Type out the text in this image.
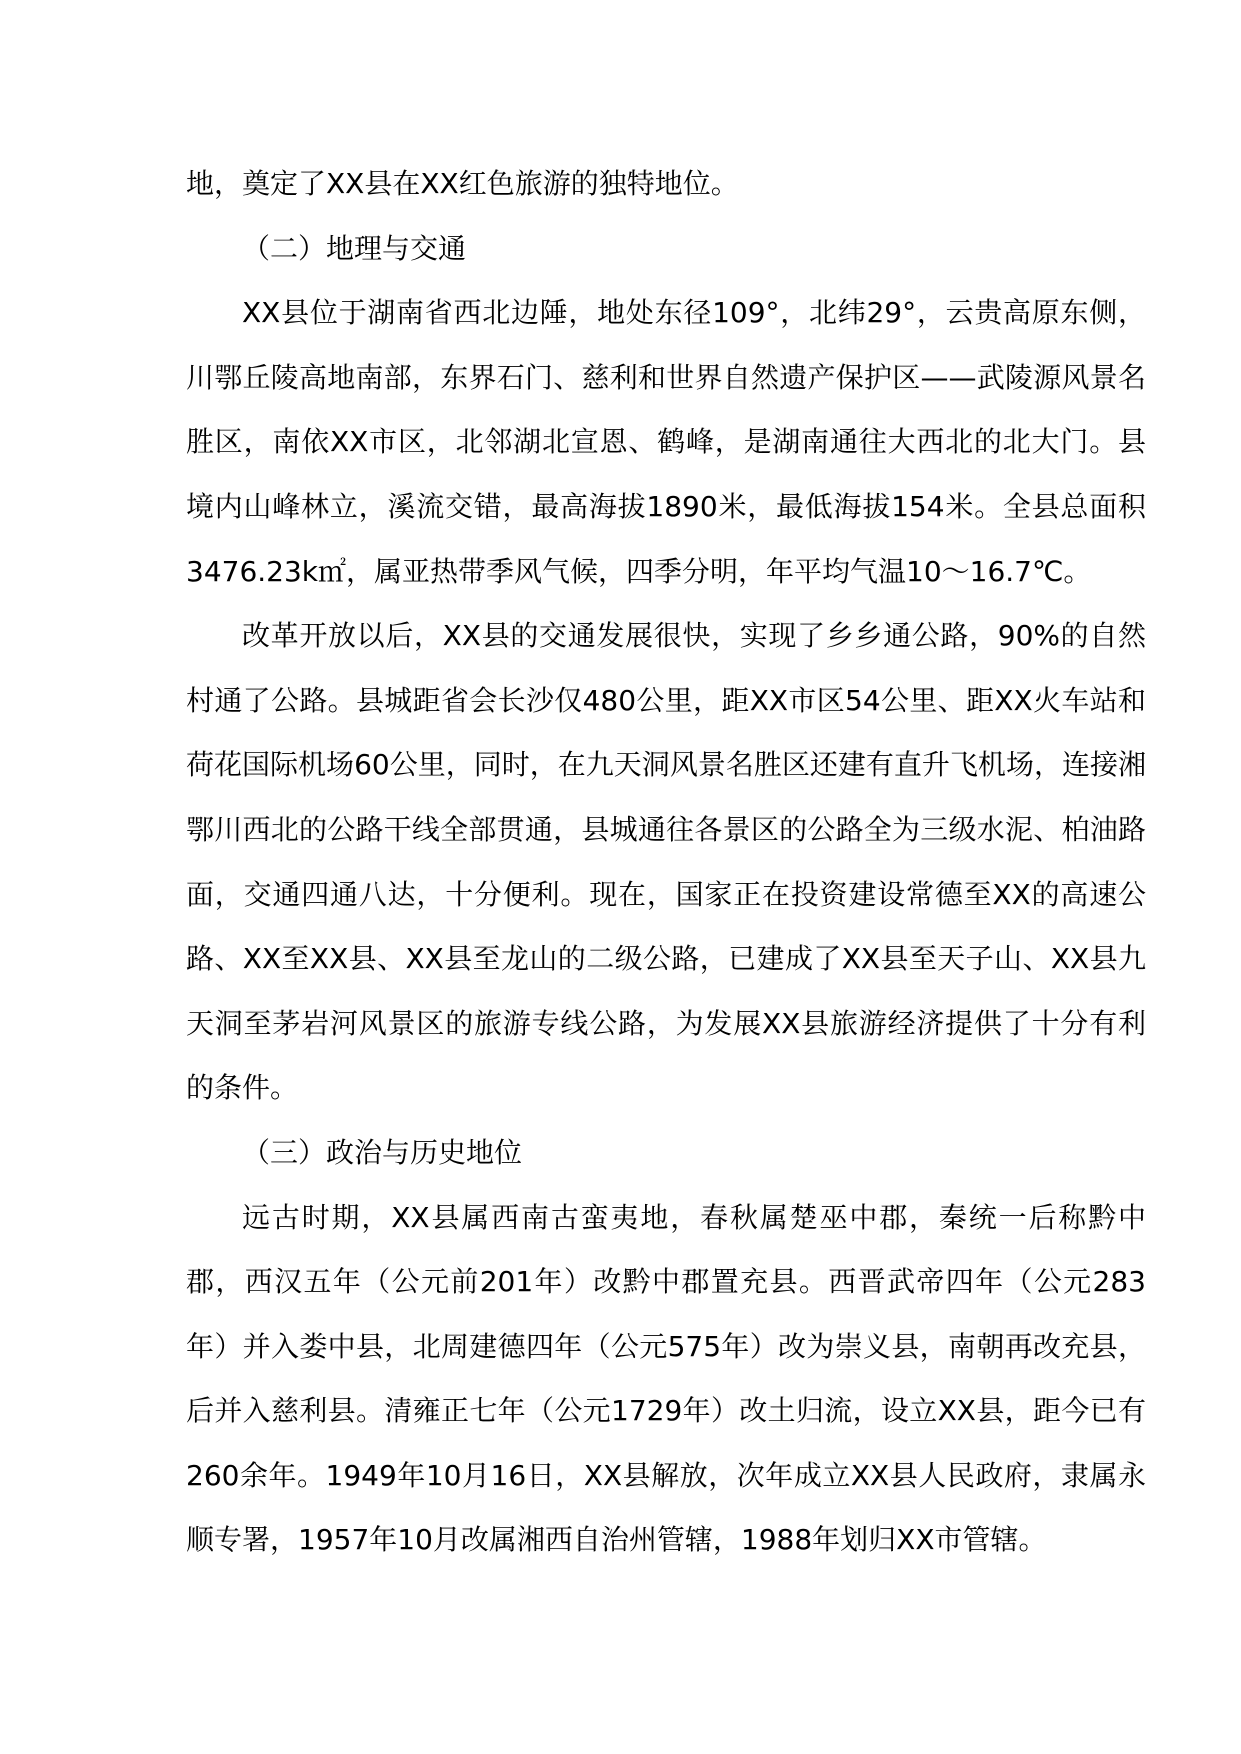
地，奠定了XX县在XX红色旅游的独特地位。

（二）地理与交通

XX县位于湖南省西北边陲，地处东径109°，北纬29°，云贵高原东侧，川鄂丘陵高地南部，东界石门、慈利和世界自然遗产保护区——武陵源风景名胜区，南依XX市区，北邻湖北宣恩、鹤峰，是湖南通往大西北的北大门。县境内山峰林立，溪流交错，最高海拔1890米，最低海拔154米。全县总面积3476.23k㎡，属亚热带季风气候，四季分明，年平均气温10～16.7℃。

改革开放以后，XX县的交通发展很快，实现了乡乡通公路，90%的自然村通了公路。县城距省会长沙仅480公里，距XX市区54公里、距XX火车站和荷花国际机场60公里，同时，在九天洞风景名胜区还建有直升飞机场，连接湘鄂川西北的公路干线全部贯通，县城通往各景区的公路全为三级水泥、柏油路面，交通四通八达，十分便利。现在，国家正在投资建设常德至XX的高速公路、XX至XX县、XX县至龙山的二级公路，已建成了XX县至天子山、XX县九天洞至茅岩河风景区的旅游专线公路，为发展XX县旅游经济提供了十分有利的条件。

（三）政治与历史地位

远古时期，XX县属西南古蛮夷地，春秋属楚巫中郡，秦统一后称黔中郡，西汉五年（公元前201年）改黔中郡置充县。西晋武帝四年（公元283年）并入娄中县，北周建德四年（公元575年）改为崇义县，南朝再改充县，后并入慈利县。清雍正七年（公元1729年）改土归流，设立XX县，距今已有260余年。1949年10月16日，XX县解放，次年成立XX县人民政府，隶属永顺专署，1957年10月改属湘西自治州管辖，1988年划归XX市管辖。
